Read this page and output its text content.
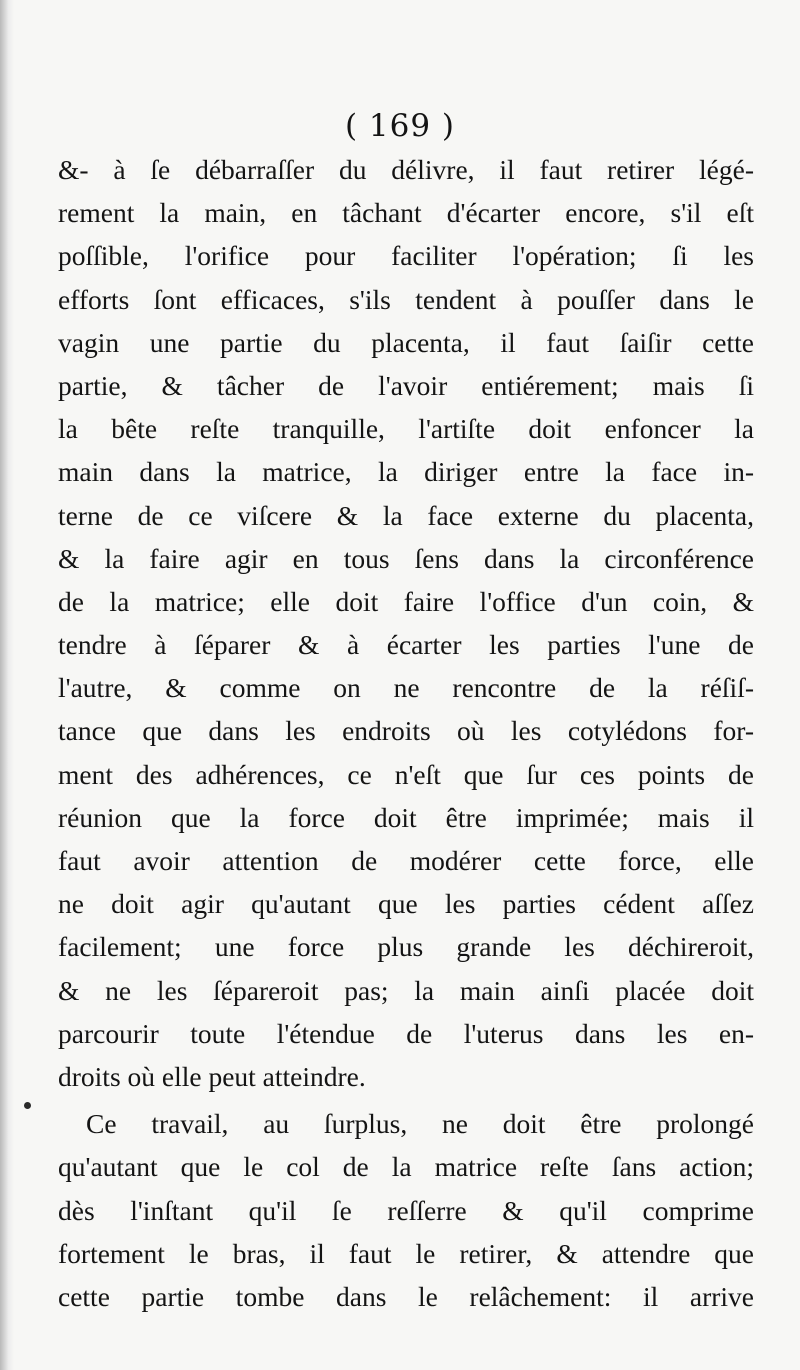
( 169 )
&- à ſe débarraſſer du délivre, il faut retirer légé-
rement la main, en tâchant d'écarter encore, s'il eſt
poſſible, l'orifice pour faciliter l'opération; ſi les
efforts ſont efficaces, s'ils tendent à pouſſer dans le
vagin une partie du placenta, il faut ſaiſir cette
partie, & tâcher de l'avoir entiérement; mais ſi
la bête reſte tranquille, l'artiſte doit enfoncer la
main dans la matrice, la diriger entre la face in-
terne de ce viſcere & la face externe du placenta,
& la faire agir en tous ſens dans la circonférence
de la matrice; elle doit faire l'office d'un coin, &
tendre à ſéparer & à écarter les parties l'une de
l'autre, & comme on ne rencontre de la réſiſ-
tance que dans les endroits où les cotylédons for-
ment des adhérences, ce n'eſt que ſur ces points de
réunion que la force doit être imprimée; mais il
faut avoir attention de modérer cette force, elle
ne doit agir qu'autant que les parties cédent aſſez
facilement; une force plus grande les déchireroit,
& ne les ſépareroit pas; la main ainſi placée doit
parcourir toute l'étendue de l'uterus dans les en-
droits où elle peut atteindre.
Ce travail, au ſurplus, ne doit être prolongé
qu'autant que le col de la matrice reſte ſans action;
dès l'inſtant qu'il ſe reſſerre & qu'il comprime
fortement le bras, il faut le retirer, & attendre que
cette partie tombe dans le relâchement: il arrive
